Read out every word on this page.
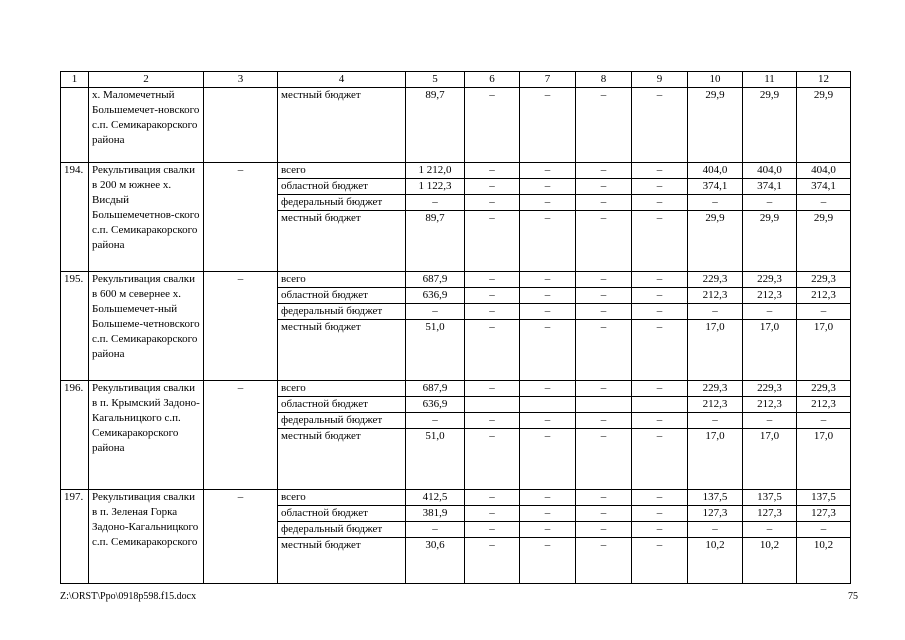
1	2	3	4	5	6	7	8	9	10	11	12
	х. Маломечетный Большемечет-новского с.п. Семикаракорского района		местный бюджет	89,7	–	–	–	–	29,9	29,9	29,9
194.	Рекультивация свалки в 200 м южнее х. Висдый Большемечетнов-ского с.п. Семикаракорского района	–	всего	1 212,0	–	–	–	–	404,0	404,0	404,0
			областной бюджет	1 122,3	–	–	–	–	374,1	374,1	374,1
			федеральный бюджет	–	–	–	–	–	–	–	–
			местный бюджет	89,7	–	–	–	–	29,9	29,9	29,9
195.	Рекультивация свалки в 600 м севернее х. Большемечет-ный Большеме-четновского с.п. Семикаракорского района	–	всего	687,9	–	–	–	–	229,3	229,3	229,3
			областной бюджет	636,9	–	–	–	–	212,3	212,3	212,3
			федеральный бюджет	–	–	–	–	–	–	–	–
			местный бюджет	51,0	–	–	–	–	17,0	17,0	17,0
196.	Рекультивация свалки в п. Крымский Задоно-Кагальницкого с.п. Семикаракорского района	–	всего	687,9	–	–	–	–	229,3	229,3	229,3
			областной бюджет	636,9					212,3	212,3	212,3
			федеральный бюджет	–	–	–	–	–	–	–	–
			местный бюджет	51,0	–	–	–	–	17,0	17,0	17,0
197.	Рекультивация свалки в п. Зеленая Горка Задоно-Кагальницкого с.п. Семикаракорского	–	всего	412,5	–	–	–	–	137,5	137,5	137,5
			областной бюджет	381,9	–	–	–	–	127,3	127,3	127,3
			федеральный бюджет	–	–	–	–	–	–	–	–
			местный бюджет	30,6	–	–	–	–	10,2	10,2	10,2
Z:\ORST\Ppo\0918p598.f15.docx	75
